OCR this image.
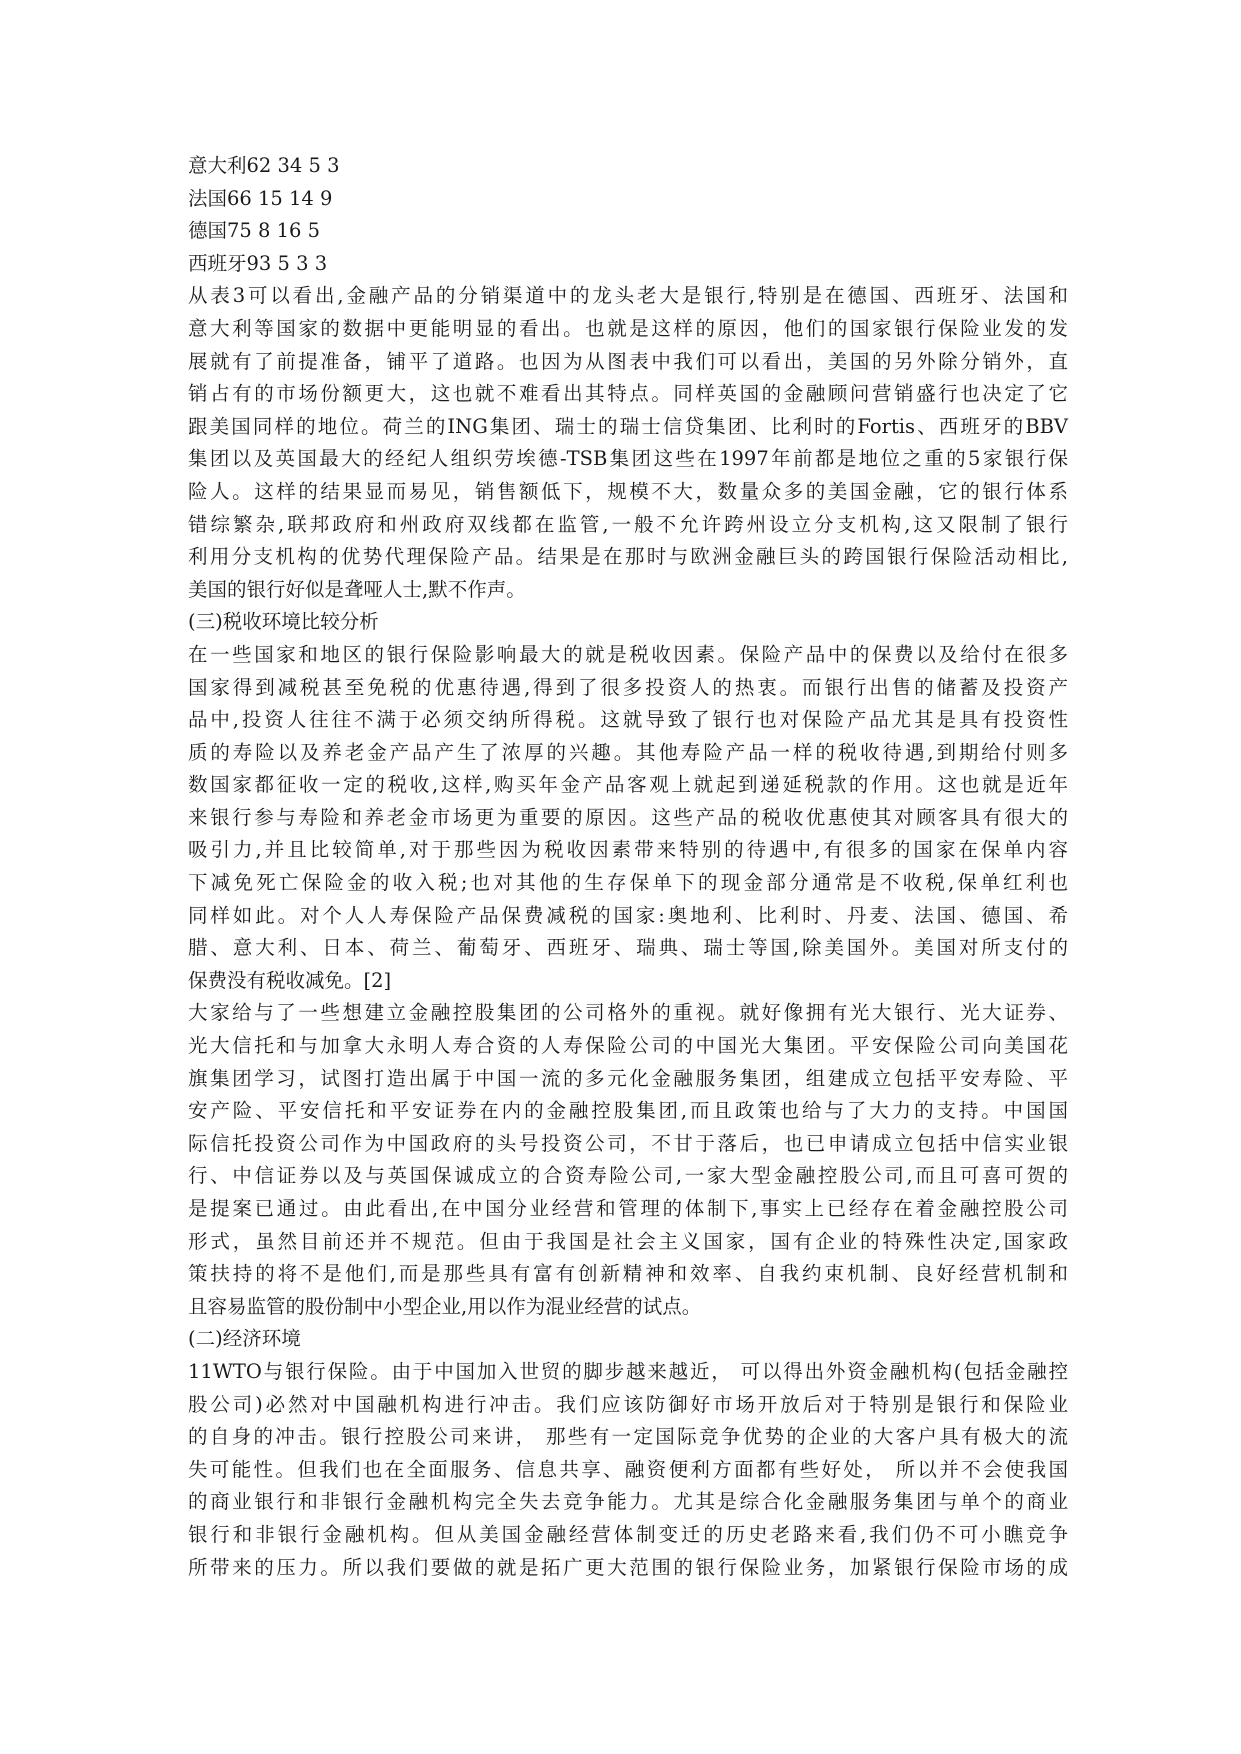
意大利62 34 5 3
法国66 15 14 9
德国75 8 16 5
西班牙93 5 3 3
从表3可以看出,金融产品的分销渠道中的龙头老大是银行,特别是在德国、西班牙、法国和
意大利等国家的数据中更能明显的看出。也就是这样的原因，他们的国家银行保险业发的发
展就有了前提准备，铺平了道路。也因为从图表中我们可以看出，美国的另外除分销外，直
销占有的市场份额更大，这也就不难看出其特点。同样英国的金融顾问营销盛行也决定了它
跟美国同样的地位。荷兰的ING集团、瑞士的瑞士信贷集团、比利时的Fortis、西班牙的BBV
集团以及英国最大的经纪人组织劳埃德-TSB集团这些在1997年前都是地位之重的5家银行保
险人。这样的结果显而易见，销售额低下，规模不大，数量众多的美国金融，它的银行体系
错综繁杂,联邦政府和州政府双线都在监管,一般不允许跨州设立分支机构,这又限制了银行
利用分支机构的优势代理保险产品。结果是在那时与欧洲金融巨头的跨国银行保险活动相比,
美国的银行好似是聋哑人士,默不作声。
(三)税收环境比较分析
在一些国家和地区的银行保险影响最大的就是税收因素。保险产品中的保费以及给付在很多
国家得到减税甚至免税的优惠待遇,得到了很多投资人的热衷。而银行出售的储蓄及投资产
品中,投资人往往不满于必须交纳所得税。这就导致了银行也对保险产品尤其是具有投资性
质的寿险以及养老金产品产生了浓厚的兴趣。其他寿险产品一样的税收待遇,到期给付则多
数国家都征收一定的税收,这样,购买年金产品客观上就起到递延税款的作用。这也就是近年
来银行参与寿险和养老金市场更为重要的原因。这些产品的税收优惠使其对顾客具有很大的
吸引力,并且比较简单,对于那些因为税收因素带来特别的待遇中,有很多的国家在保单内容
下减免死亡保险金的收入税;也对其他的生存保单下的现金部分通常是不收税,保单红利也
同样如此。对个人人寿保险产品保费减税的国家:奥地利、比利时、丹麦、法国、德国、希
腊、意大利、日本、荷兰、葡萄牙、西班牙、瑞典、瑞士等国,除美国外。美国对所支付的
保费没有税收减免。[2]
大家给与了一些想建立金融控股集团的公司格外的重视。就好像拥有光大银行、光大证券、
光大信托和与加拿大永明人寿合资的人寿保险公司的中国光大集团。平安保险公司向美国花
旗集团学习，试图打造出属于中国一流的多元化金融服务集团，组建成立包括平安寿险、平
安产险、平安信托和平安证券在内的金融控股集团,而且政策也给与了大力的支持。中国国
际信托投资公司作为中国政府的头号投资公司，不甘于落后，也已申请成立包括中信实业银
行、中信证券以及与英国保诚成立的合资寿险公司,一家大型金融控股公司,而且可喜可贺的
是提案已通过。由此看出,在中国分业经营和管理的体制下,事实上已经存在着金融控股公司
形式，虽然目前还并不规范。但由于我国是社会主义国家，国有企业的特殊性决定,国家政
策扶持的将不是他们,而是那些具有富有创新精神和效率、自我约束机制、良好经营机制和
且容易监管的股份制中小型企业,用以作为混业经营的试点。
(二)经济环境
11WTO与银行保险。由于中国加入世贸的脚步越来越近， 可以得出外资金融机构(包括金融控
股公司)必然对中国融机构进行冲击。我们应该防御好市场开放后对于特别是银行和保险业
的自身的冲击。银行控股公司来讲， 那些有一定国际竞争优势的企业的大客户具有极大的流
失可能性。但我们也在全面服务、信息共享、融资便利方面都有些好处， 所以并不会使我国
的商业银行和非银行金融机构完全失去竞争能力。尤其是综合化金融服务集团与单个的商业
银行和非银行金融机构。但从美国金融经营体制变迁的历史老路来看,我们仍不可小瞧竞争
所带来的压力。所以我们要做的就是拓广更大范围的银行保险业务，加紧银行保险市场的成
